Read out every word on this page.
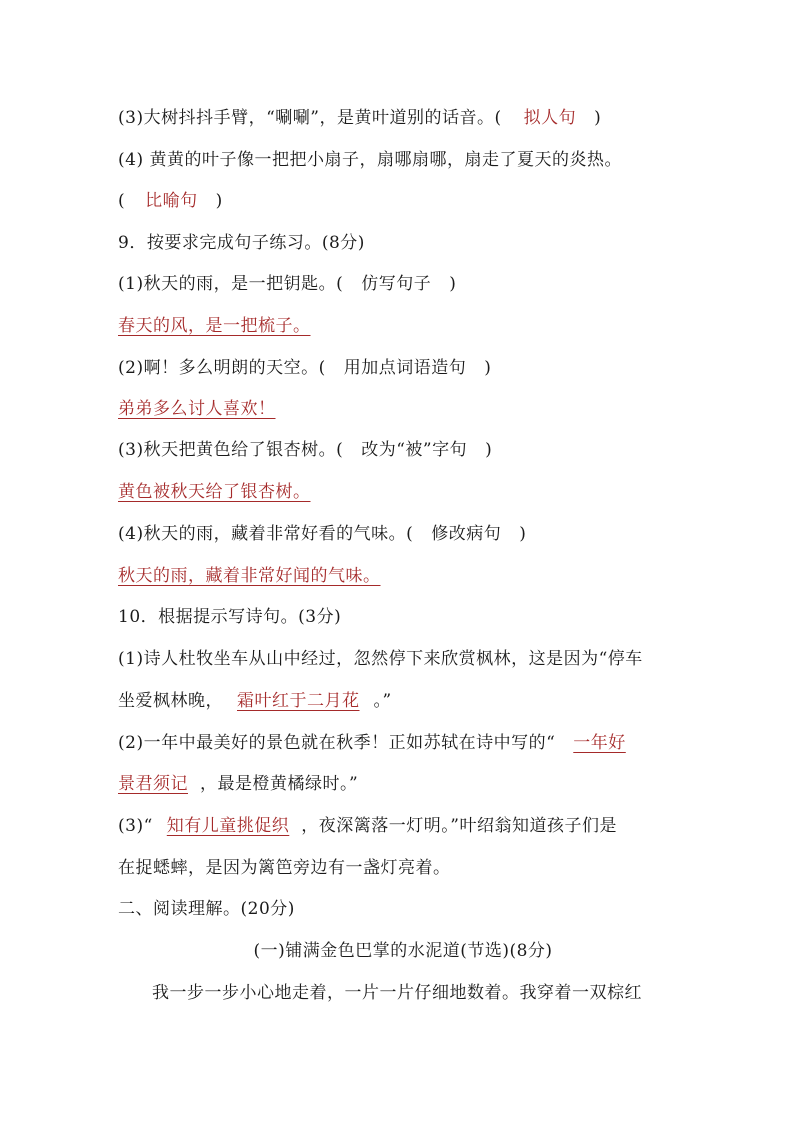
(3)大树抖抖手臂，“唰唰”，是黄叶道别的话音。( 拟人句 )
(4) 黄黄的叶子像一把把小扇子，扇哪扇哪，扇走了夏天的炎热。
( 比喻句 )
9．按要求完成句子练习。(8分)
(1)秋天的雨，是一把钥匙。( 仿写句子 )
春天的风，是一把梳子。
(2)啊！多么明朗的天空。( 用加点词语造句 )
弟弟多么讨人喜欢！
(3)秋天把黄色给了银杏树。( 改为“被”字句 )
黄色被秋天给了银杏树。
(4)秋天的雨，藏着非常好看的气味。( 修改病句 )
秋天的雨，藏着非常好闻的气味。
10．根据提示写诗句。(3分)
(1)诗人杜牧坐车从山中经过，忽然停下来欣赏枫林，这是因为“停车
坐爱枫林晚， 霜叶红于二月花 。”
(2)一年中最美好的景色就在秋季！正如苏轼在诗中写的“ 一年好
景君须记 ，最是橙黄橘绿时。”
(3)“ 知有儿童挑促织 ，夜深篱落一灯明。”叶绍翁知道孩子们是
在捉蟋蟀，是因为篱笆旁边有一盏灯亮着。
二、阅读理解。(20分)
(一)铺满金色巴掌的水泥道(节选)(8分)
我一步一步小心地走着，一片一片仔细地数着。我穿着一双棕红
